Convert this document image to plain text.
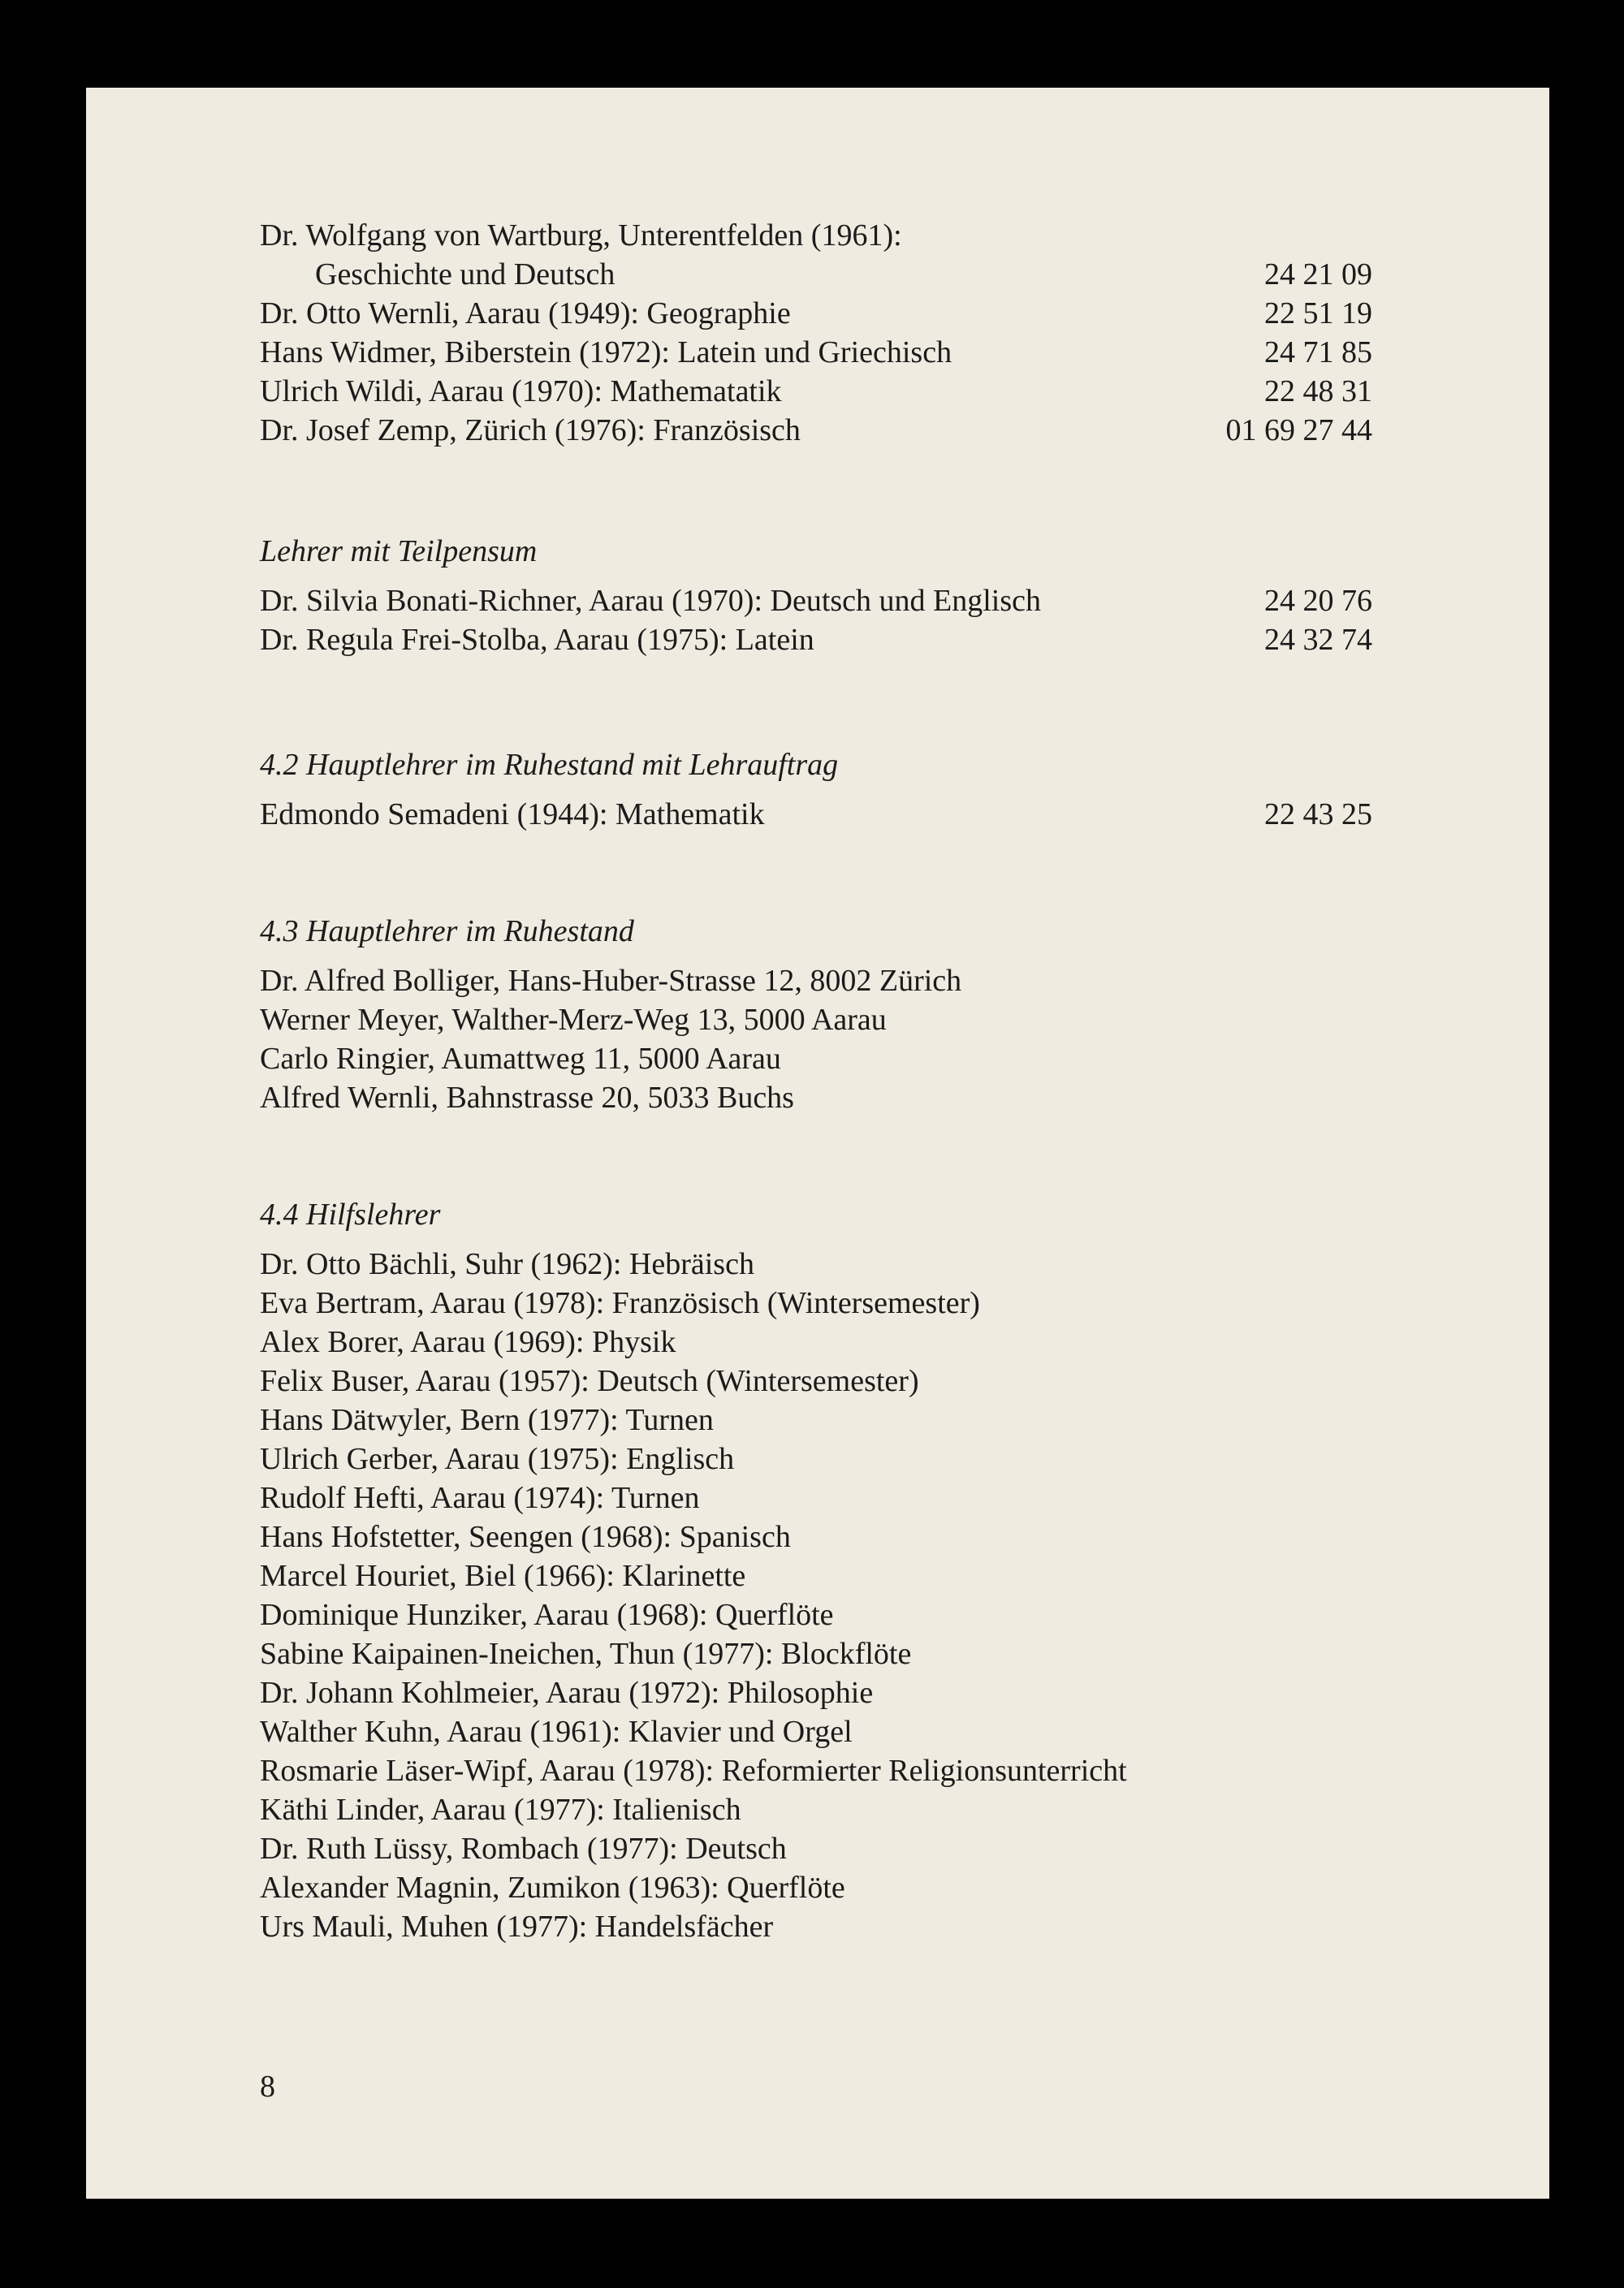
Dr. Wolfgang von Wartburg, Unterentfelden (1961):
Geschichte und Deutsch	24 21 09
Dr. Otto Wernli, Aarau (1949): Geographie	22 51 19
Hans Widmer, Biberstein (1972): Latein und Griechisch	24 71 85
Ulrich Wildi, Aarau (1970): Mathematatik	22 48 31
Dr. Josef Zemp, Zürich (1976): Französisch	01 69 27 44
Lehrer mit Teilpensum
Dr. Silvia Bonati-Richner, Aarau (1970): Deutsch und Englisch	24 20 76
Dr. Regula Frei-Stolba, Aarau (1975): Latein	24 32 74
4.2 Hauptlehrer im Ruhestand mit Lehrauftrag
Edmondo Semadeni (1944): Mathematik	22 43 25
4.3 Hauptlehrer im Ruhestand
Dr. Alfred Bolliger, Hans-Huber-Strasse 12, 8002 Zürich
Werner Meyer, Walther-Merz-Weg 13, 5000 Aarau
Carlo Ringier, Aumattweg 11, 5000 Aarau
Alfred Wernli, Bahnstrasse 20, 5033 Buchs
4.4 Hilfslehrer
Dr. Otto Bächli, Suhr (1962): Hebräisch
Eva Bertram, Aarau (1978): Französisch (Wintersemester)
Alex Borer, Aarau (1969): Physik
Felix Buser, Aarau (1957): Deutsch (Wintersemester)
Hans Dätwyler, Bern (1977): Turnen
Ulrich Gerber, Aarau (1975): Englisch
Rudolf Hefti, Aarau (1974): Turnen
Hans Hofstetter, Seengen (1968): Spanisch
Marcel Houriet, Biel (1966): Klarinette
Dominique Hunziker, Aarau (1968): Querflöte
Sabine Kaipainen-Ineichen, Thun (1977): Blockflöte
Dr. Johann Kohlmeier, Aarau (1972): Philosophie
Walther Kuhn, Aarau (1961): Klavier und Orgel
Rosmarie Läser-Wipf, Aarau (1978): Reformierter Religionsunterricht
Käthi Linder, Aarau (1977): Italienisch
Dr. Ruth Lüssy, Rombach (1977): Deutsch
Alexander Magnin, Zumikon (1963): Querflöte
Urs Mauli, Muhen (1977): Handelsfächer
8
